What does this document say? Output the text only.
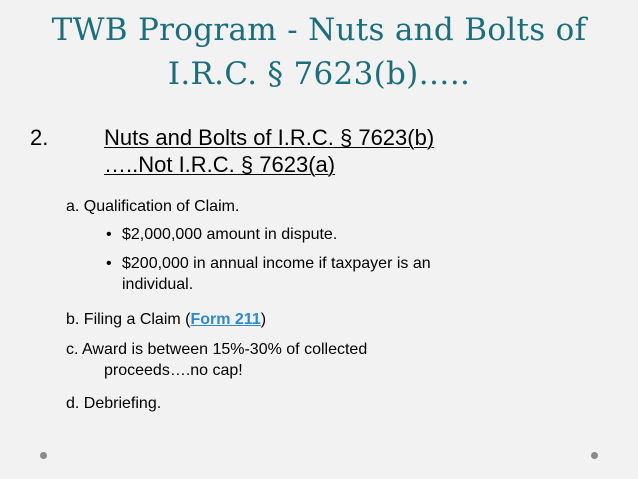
TWB Program - Nuts and Bolts of
I.R.C. § 7623(b)…..
2.	Nuts and Bolts of I.R.C. § 7623(b)
…..Not I.R.C. § 7623(a)
a. Qualification of Claim.
• $2,000,000 amount in dispute.
• $200,000 in annual income if taxpayer is an
individual.
b. Filing a Claim (Form 211)
c. Award is between 15%-30% of collected
proceeds….no cap!
d. Debriefing.
